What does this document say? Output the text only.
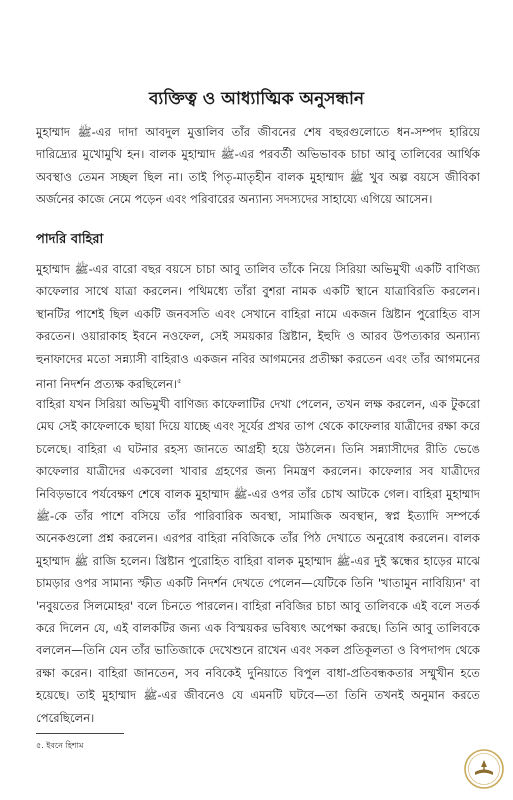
ব্যক্তিত্ব ও আধ্যাত্মিক অনুসন্ধান

মুহাম্মাদ ﷺ-এর দাদা আবদুল মুত্তালিব তাঁর জীবনের শেষ বছরগুলোতে ধন-সম্পদ হারিয়ে দারিদ্র্যের মুখোমুখি হন। বালক মুহাম্মাদ ﷺ-এর পরবর্তী অভিভাবক চাচা আবু তালিবের আর্থিক অবস্থাও তেমন সচ্ছল ছিল না। তাই পিতৃ-মাতৃহীন বালক মুহাম্মাদ ﷺ খুব অল্প বয়সে জীবিকা অর্জনের কাজে নেমে পড়েন এবং পরিবারের অন্যান্য সদস্যদের সাহায্যে এগিয়ে আসেন।

পাদরি বাহিরা

মুহাম্মাদ ﷺ-এর বারো বছর বয়সে চাচা আবু তালিব তাঁকে নিয়ে সিরিয়া অভিমুখী একটি বাণিজ্য কাফেলার সাথে যাত্রা করলেন। পথিমধ্যে তাঁরা বুশরা নামক একটি স্থানে যাত্রাবিরতি করলেন। স্থানটির পাশেই ছিল একটি জনবসতি এবং সেখানে বাহিরা নামে একজন খ্রিষ্টান পুরোহিত বাস করতেন। ওয়ারাকাহ ইবনে নওফেল, সেই সময়কার খ্রিষ্টান, ইহুদি ও আরব উপত্যকার অন্যান্য হুনাফাদের মতো সন্ন্যাসী বাহিরাও একজন নবির আগমনের প্রতীক্ষা করতেন এবং তাঁর আগমনের নানা নিদর্শন প্রত্যক্ষ করছিলেন।$^৫$

বাহিরা যখন সিরিয়া অভিমুখী বাণিজ্য কাফেলাটির দেখা পেলেন, তখন লক্ষ করলেন, এক টুকরো মেঘ সেই কাফেলাকে ছায়া দিয়ে যাচ্ছে এবং সূর্যের প্রখর তাপ থেকে কাফেলার যাত্রীদের রক্ষা করে চলেছে। বাহিরা এ ঘটনার রহস্য জানতে আগ্রহী হয়ে উঠলেন। তিনি সন্ন্যাসীদের রীতি ভেঙে কাফেলার যাত্রীদের একবেলা খাবার গ্রহণের জন্য নিমন্ত্রণ করলেন। কাফেলার সব যাত্রীদের নিবিড়ভাবে পর্যবেক্ষণ শেষে বালক মুহাম্মাদ ﷺ-এর ওপর তাঁর চোখ আটকে গেল। বাহিরা মুহাম্মাদ ﷺ-কে তাঁর পাশে বসিয়ে তাঁর পারিবারিক অবস্থা, সামাজিক অবস্থান, স্বপ্ন ইত্যাদি সম্পর্কে অনেকগুলো প্রশ্ন করলেন। এরপর বাহিরা নবিজিকে তাঁর পিঠ দেখাতে অনুরোধ করলেন। বালক মুহাম্মাদ ﷺ রাজি হলেন। খ্রিষ্টান পুরোহিত বাহিরা বালক মুহাম্মাদ ﷺ-এর দুই স্কন্ধের হাড়ের মাঝে চামড়ার ওপর সামান্য স্ফীত একটি নিদর্শন দেখতে পেলেন—যেটিকে তিনি 'খাতামুন নাবিয়্যিন' বা 'নবুয়তের সিলমোহর' বলে চিনতে পারলেন। বাহিরা নবিজির চাচা আবু তালিবকে এই বলে সতর্ক করে দিলেন যে, এই বালকটির জন্য এক বিস্ময়কর ভবিষ্যৎ অপেক্ষা করছে। তিনি আবু তালিবকে বললেন—তিনি যেন তাঁর ভাতিজাকে দেখেশুনে রাখেন এবং সকল প্রতিকূলতা ও বিপদাপদ থেকে রক্ষা করেন। বাহিরা জানতেন, সব নবিকেই দুনিয়াতে বিপুল বাধা-প্রতিবন্ধকতার সম্মুখীন হতে হয়েছে। তাই মুহাম্মাদ ﷺ-এর জীবনেও যে এমনটি ঘটবে—তা তিনি তখনই অনুমান করতে পেরেছিলেন।

৫. ইবনে হিশাম
